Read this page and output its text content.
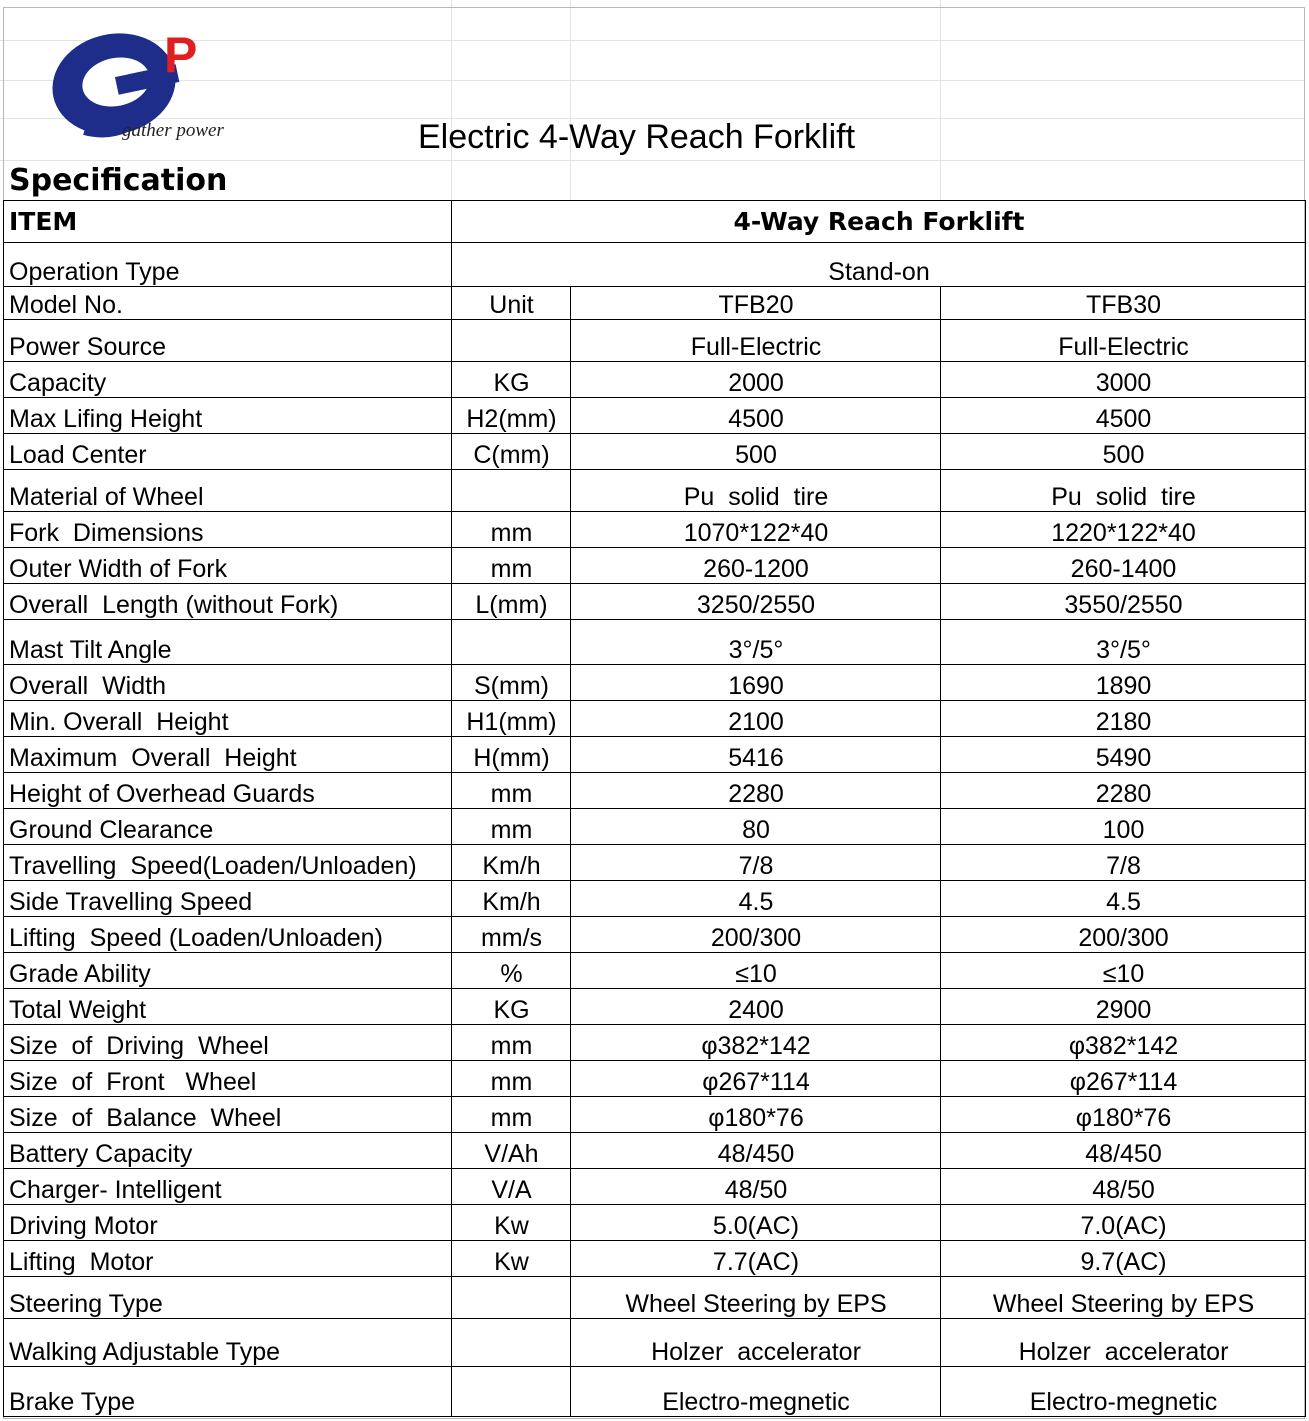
P
gather power	Electric 4-Way Reach Forklift
Specification
ITEM	4-Way Reach Forklift		
Operation Type	Stand-on		
Model No.	Unit	TFB20	TFB30
Power Source		Full-Electric	Full-Electric
Capacity	KG	2000	3000
Max Lifing Height	H2(mm)	4500	4500
Load Center	C(mm)	500	500
Material of Wheel		Pu  solid  tire	Pu  solid  tire
Fork  Dimensions	mm	1070*122*40	1220*122*40
Outer Width of Fork	mm	260-1200	260-1400
Overall  Length (without Fork)	L(mm)	3250/2550	3550/2550
Mast Tilt Angle		3°/5°	3°/5°
Overall  Width	S(mm)	1690	1890
Min. Overall  Height	H1(mm)	2100	2180
Maximum  Overall  Height	H(mm)	5416	5490
Height of Overhead Guards	mm	2280	2280
Ground Clearance	mm	80	100
Travelling  Speed(Loaden/Unloaden)	Km/h	7/8	7/8
Side Travelling Speed	Km/h	4.5	4.5
Lifting  Speed (Loaden/Unloaden)	mm/s	200/300	200/300
Grade Ability	%	≤10	≤10
Total Weight	KG	2400	2900
Size  of  Driving  Wheel	mm	φ382*142	φ382*142
Size  of  Front   Wheel	mm	φ267*114	φ267*114
Size  of  Balance  Wheel	mm	φ180*76	φ180*76
Battery Capacity	V/Ah	48/450	48/450
Charger- Intelligent	V/A	48/50	48/50
Driving Motor	Kw	5.0(AC)	7.0(AC)
Lifting  Motor	Kw	7.7(AC)	9.7(AC)
Steering Type		Wheel Steering by EPS	Wheel Steering by EPS
Walking Adjustable Type		Holzer  accelerator	Holzer  accelerator
Brake Type		Electro-megnetic	Electro-megnetic
